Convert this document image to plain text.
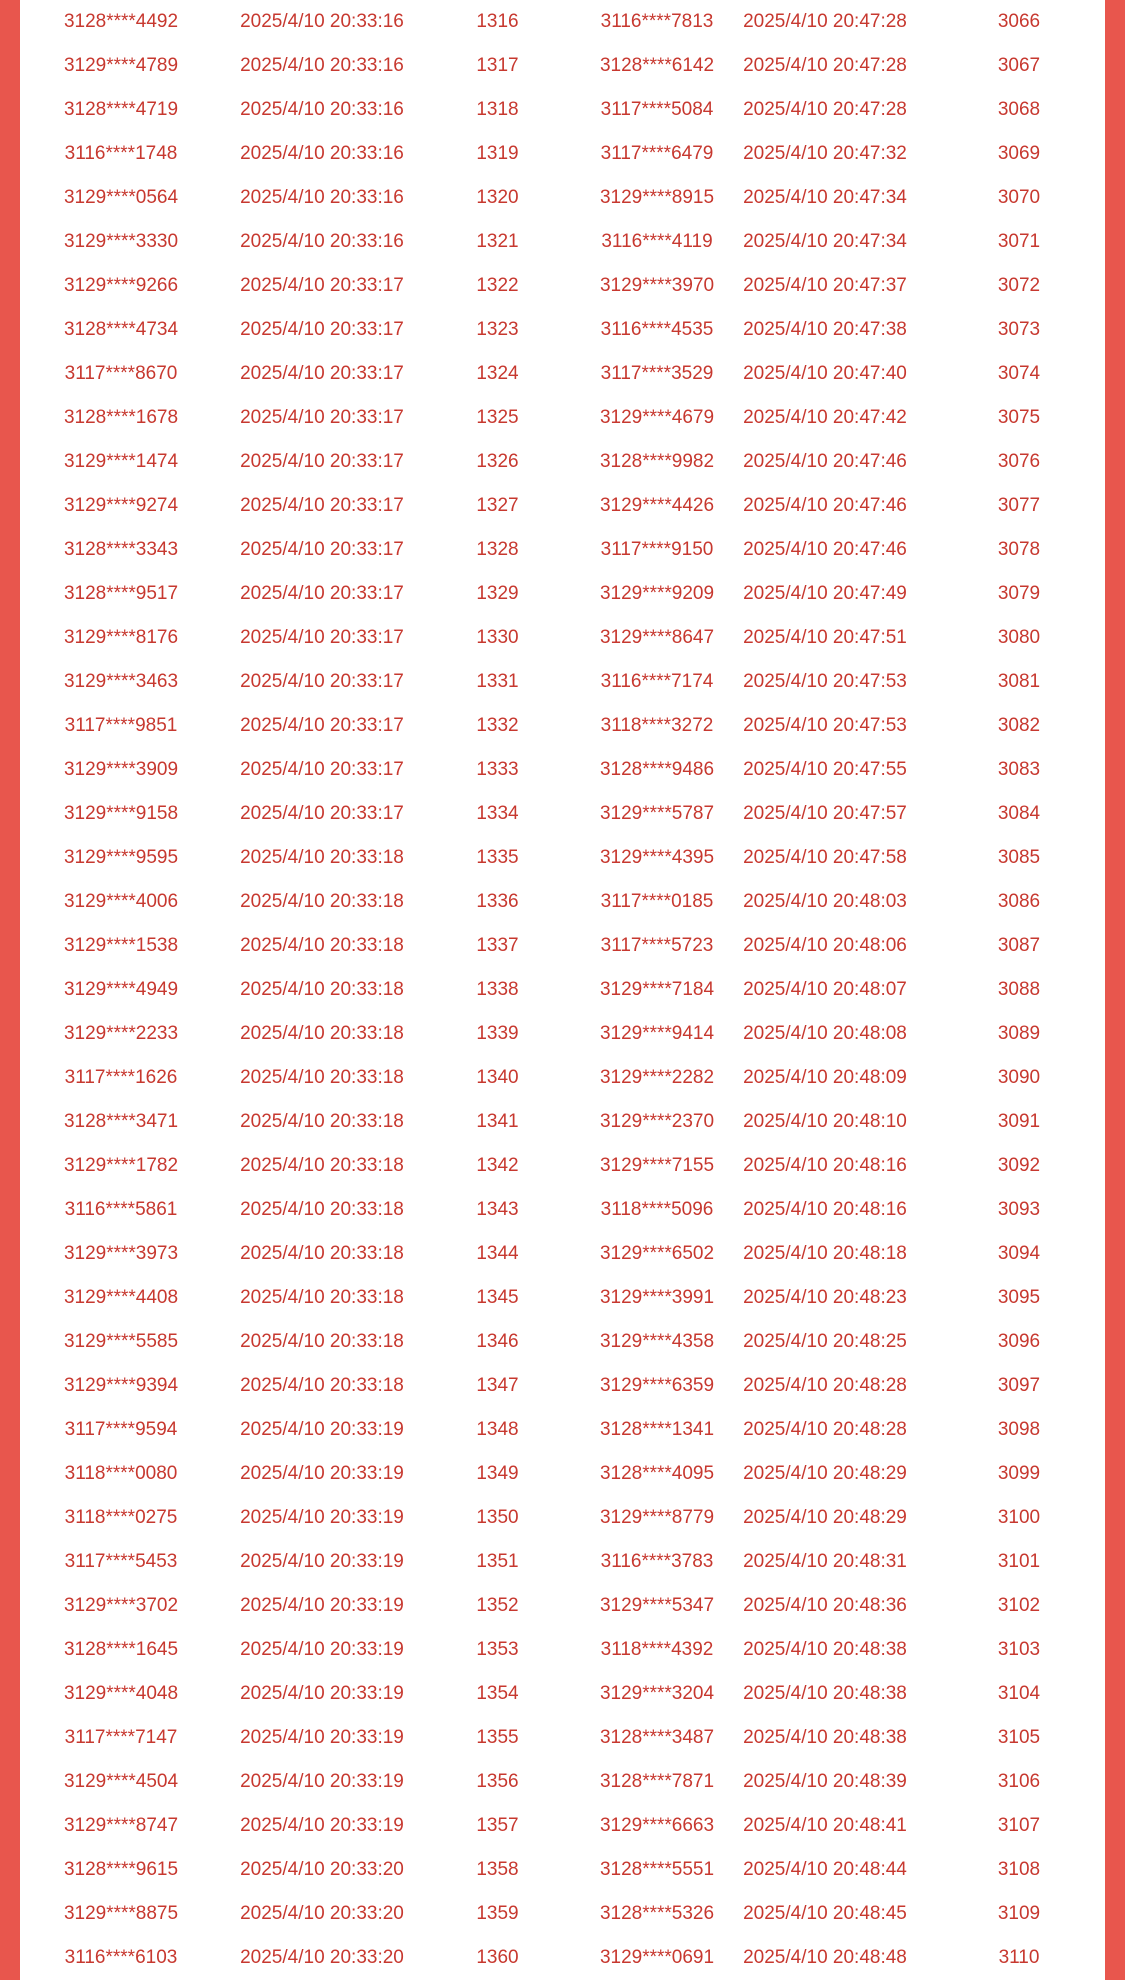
3128****4492	2025/4/10 20:33:16	1316	3116****7813	2025/4/10 20:47:28	3066
3129****4789	2025/4/10 20:33:16	1317	3128****6142	2025/4/10 20:47:28	3067
3128****4719	2025/4/10 20:33:16	1318	3117****5084	2025/4/10 20:47:28	3068
3116****1748	2025/4/10 20:33:16	1319	3117****6479	2025/4/10 20:47:32	3069
3129****0564	2025/4/10 20:33:16	1320	3129****8915	2025/4/10 20:47:34	3070
3129****3330	2025/4/10 20:33:16	1321	3116****4119	2025/4/10 20:47:34	3071
3129****9266	2025/4/10 20:33:17	1322	3129****3970	2025/4/10 20:47:37	3072
3128****4734	2025/4/10 20:33:17	1323	3116****4535	2025/4/10 20:47:38	3073
3117****8670	2025/4/10 20:33:17	1324	3117****3529	2025/4/10 20:47:40	3074
3128****1678	2025/4/10 20:33:17	1325	3129****4679	2025/4/10 20:47:42	3075
3129****1474	2025/4/10 20:33:17	1326	3128****9982	2025/4/10 20:47:46	3076
3129****9274	2025/4/10 20:33:17	1327	3129****4426	2025/4/10 20:47:46	3077
3128****3343	2025/4/10 20:33:17	1328	3117****9150	2025/4/10 20:47:46	3078
3128****9517	2025/4/10 20:33:17	1329	3129****9209	2025/4/10 20:47:49	3079
3129****8176	2025/4/10 20:33:17	1330	3129****8647	2025/4/10 20:47:51	3080
3129****3463	2025/4/10 20:33:17	1331	3116****7174	2025/4/10 20:47:53	3081
3117****9851	2025/4/10 20:33:17	1332	3118****3272	2025/4/10 20:47:53	3082
3129****3909	2025/4/10 20:33:17	1333	3128****9486	2025/4/10 20:47:55	3083
3129****9158	2025/4/10 20:33:17	1334	3129****5787	2025/4/10 20:47:57	3084
3129****9595	2025/4/10 20:33:18	1335	3129****4395	2025/4/10 20:47:58	3085
3129****4006	2025/4/10 20:33:18	1336	3117****0185	2025/4/10 20:48:03	3086
3129****1538	2025/4/10 20:33:18	1337	3117****5723	2025/4/10 20:48:06	3087
3129****4949	2025/4/10 20:33:18	1338	3129****7184	2025/4/10 20:48:07	3088
3129****2233	2025/4/10 20:33:18	1339	3129****9414	2025/4/10 20:48:08	3089
3117****1626	2025/4/10 20:33:18	1340	3129****2282	2025/4/10 20:48:09	3090
3128****3471	2025/4/10 20:33:18	1341	3129****2370	2025/4/10 20:48:10	3091
3129****1782	2025/4/10 20:33:18	1342	3129****7155	2025/4/10 20:48:16	3092
3116****5861	2025/4/10 20:33:18	1343	3118****5096	2025/4/10 20:48:16	3093
3129****3973	2025/4/10 20:33:18	1344	3129****6502	2025/4/10 20:48:18	3094
3129****4408	2025/4/10 20:33:18	1345	3129****3991	2025/4/10 20:48:23	3095
3129****5585	2025/4/10 20:33:18	1346	3129****4358	2025/4/10 20:48:25	3096
3129****9394	2025/4/10 20:33:18	1347	3129****6359	2025/4/10 20:48:28	3097
3117****9594	2025/4/10 20:33:19	1348	3128****1341	2025/4/10 20:48:28	3098
3118****0080	2025/4/10 20:33:19	1349	3128****4095	2025/4/10 20:48:29	3099
3118****0275	2025/4/10 20:33:19	1350	3129****8779	2025/4/10 20:48:29	3100
3117****5453	2025/4/10 20:33:19	1351	3116****3783	2025/4/10 20:48:31	3101
3129****3702	2025/4/10 20:33:19	1352	3129****5347	2025/4/10 20:48:36	3102
3128****1645	2025/4/10 20:33:19	1353	3118****4392	2025/4/10 20:48:38	3103
3129****4048	2025/4/10 20:33:19	1354	3129****3204	2025/4/10 20:48:38	3104
3117****7147	2025/4/10 20:33:19	1355	3128****3487	2025/4/10 20:48:38	3105
3129****4504	2025/4/10 20:33:19	1356	3128****7871	2025/4/10 20:48:39	3106
3129****8747	2025/4/10 20:33:19	1357	3129****6663	2025/4/10 20:48:41	3107
3128****9615	2025/4/10 20:33:20	1358	3128****5551	2025/4/10 20:48:44	3108
3129****8875	2025/4/10 20:33:20	1359	3128****5326	2025/4/10 20:48:45	3109
3116****6103	2025/4/10 20:33:20	1360	3129****0691	2025/4/10 20:48:48	3110
